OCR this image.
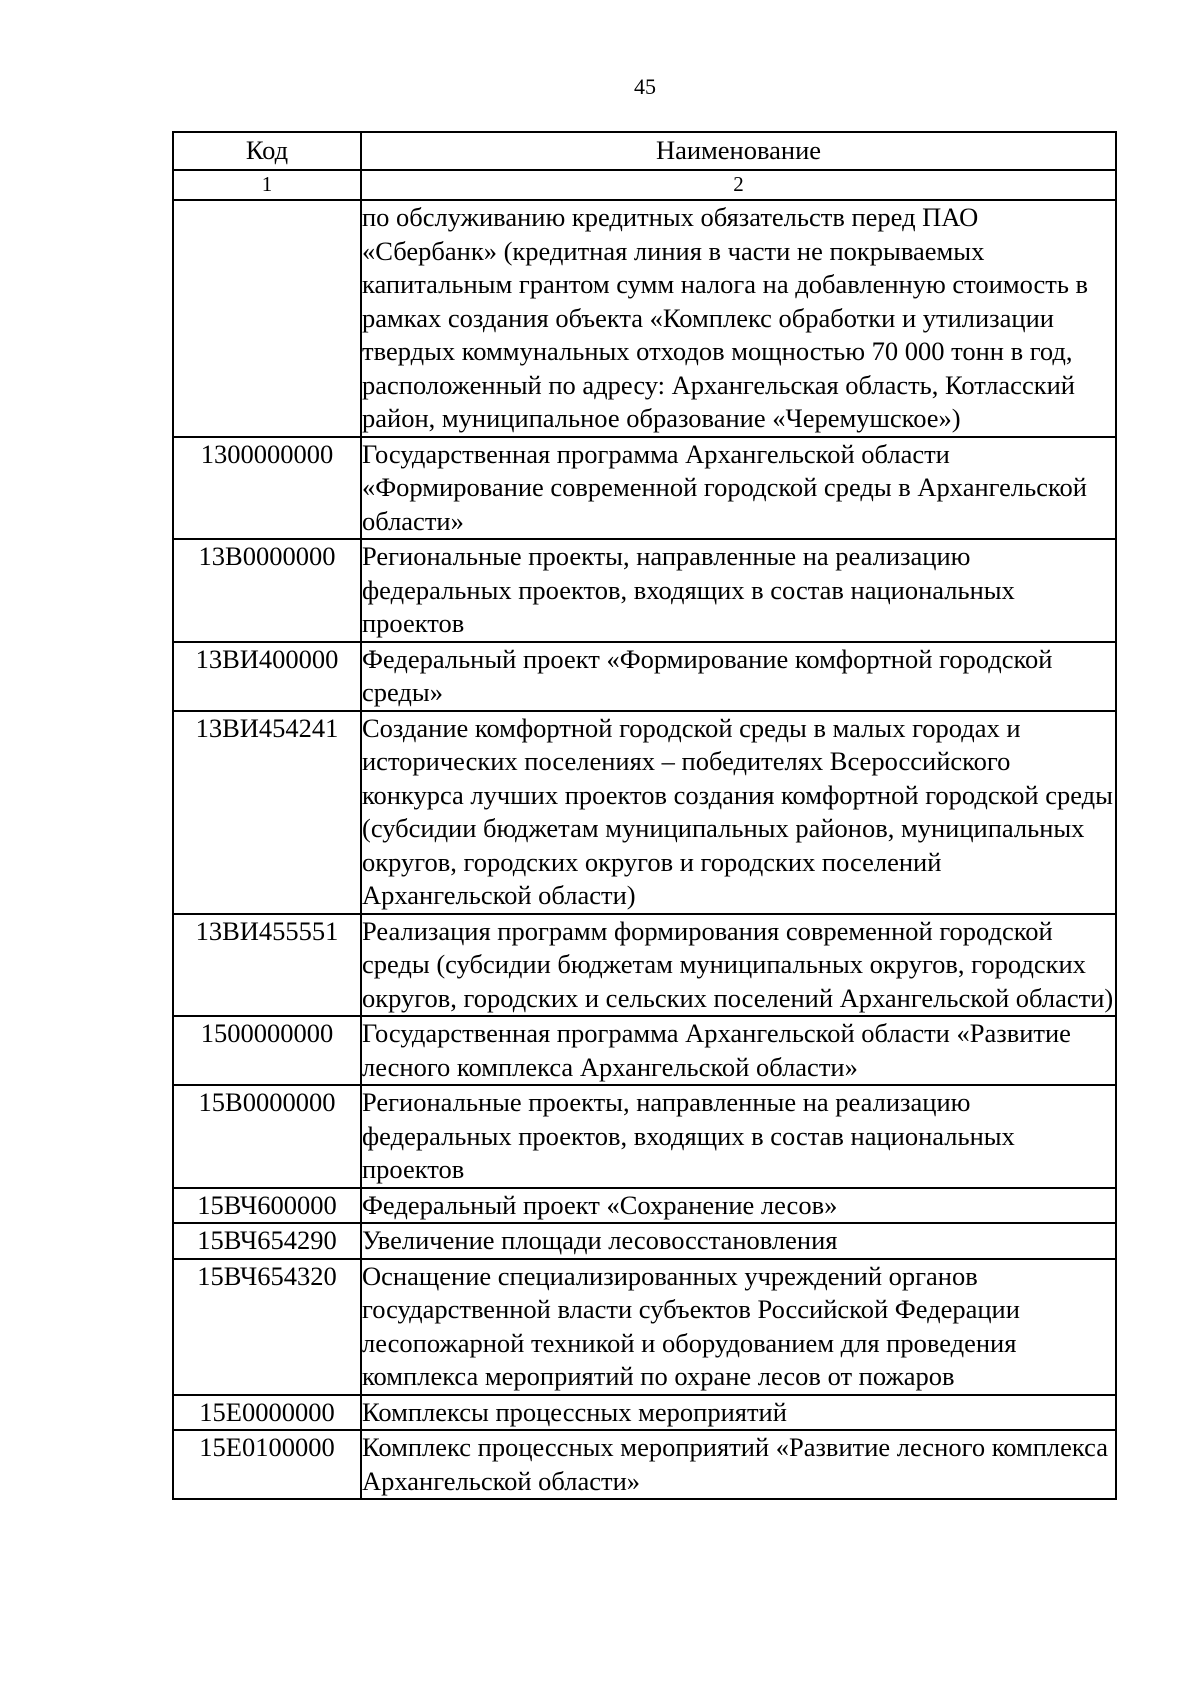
45
Код	Наименование
1	2
	по обслуживанию кредитных обязательств перед ПАО «Сбербанк» (кредитная линия в части не покрываемых капитальным грантом сумм налога на добавленную стоимость в рамках создания объекта «Комплекс обработки и утилизации твердых коммунальных отходов мощностью 70 000 тонн в год, расположенный по адресу: Архангельская область, Котласский район, муниципальное образование «Черемушское»)
1300000000	Государственная программа Архангельской области «Формирование современной городской среды в Архангельской области»
13В0000000	Региональные проекты, направленные на реализацию федеральных проектов, входящих в состав национальных проектов
13ВИ400000	Федеральный проект «Формирование комфортной городской среды»
13ВИ454241	Создание комфортной городской среды в малых городах и исторических поселениях – победителях Всероссийского конкурса лучших проектов создания комфортной городской среды (субсидии бюджетам муниципальных районов, муниципальных округов, городских округов и городских поселений Архангельской области)
13ВИ455551	Реализация программ формирования современной городской среды (субсидии бюджетам муниципальных округов, городских округов, городских и сельских поселений Архангельской области)
1500000000	Государственная программа Архангельской области «Развитие лесного комплекса Архангельской области»
15В0000000	Региональные проекты, направленные на реализацию федеральных проектов, входящих в состав национальных проектов
15ВЧ600000	Федеральный проект «Сохранение лесов»
15ВЧ654290	Увеличение площади лесовосстановления
15ВЧ654320	Оснащение специализированных учреждений органов государственной власти субъектов Российской Федерации лесопожарной техникой и оборудованием для проведения комплекса мероприятий по охране лесов от пожаров
15Е0000000	Комплексы процессных мероприятий
15Е0100000	Комплекс процессных мероприятий «Развитие лесного комплекса Архангельской области»
